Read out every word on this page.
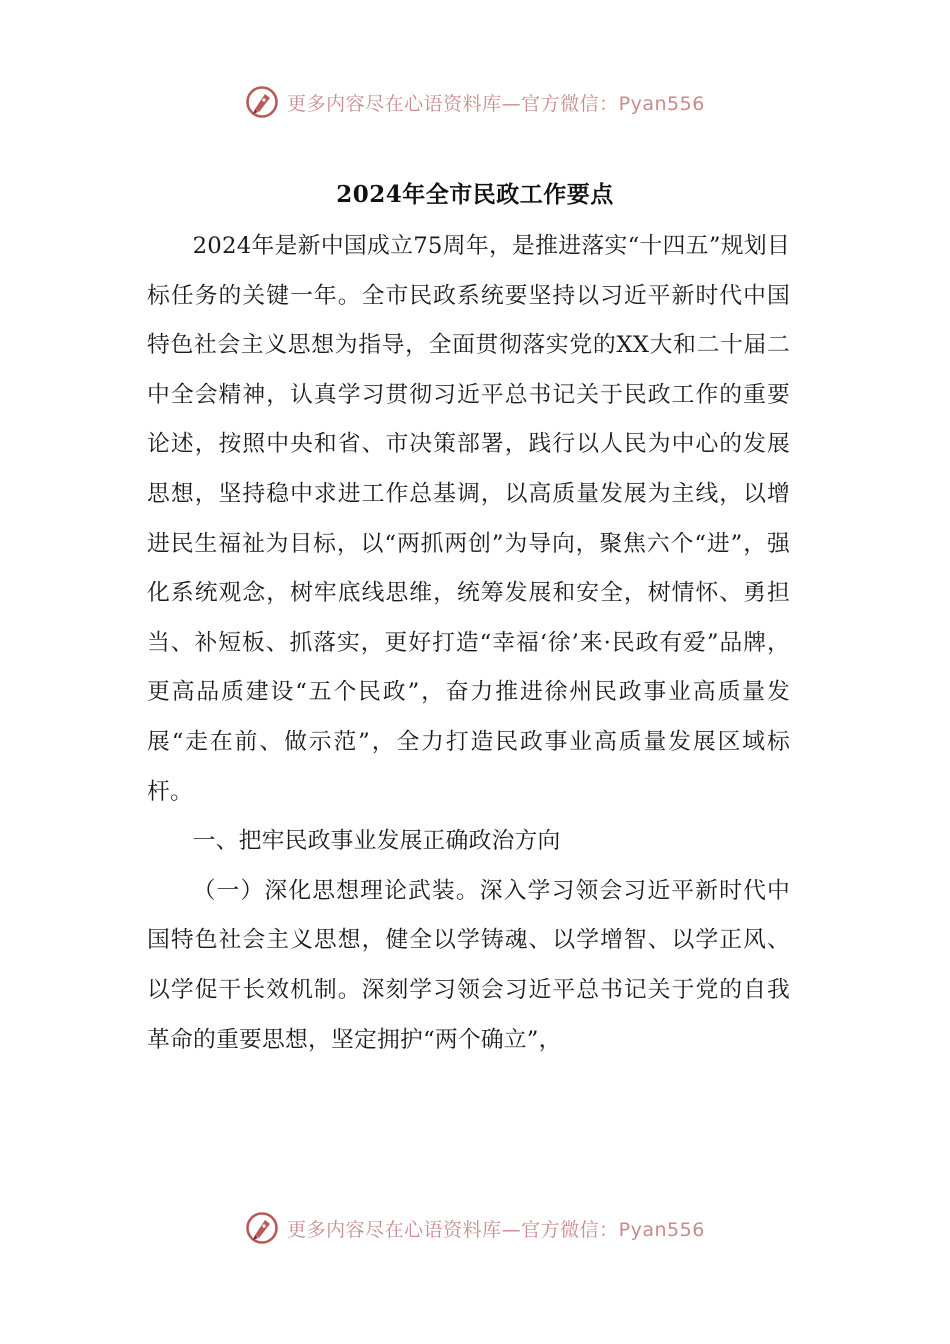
更多内容尽在心语资料库—官方微信：Pyan556
2024年全市民政工作要点

2024年是新中国成立75周年，是推进落实“十四五”规划目标任务的关键一年。全市民政系统要坚持以习近平新时代中国特色社会主义思想为指导，全面贯彻落实党的XX大和二十届二中全会精神，认真学习贯彻习近平总书记关于民政工作的重要论述，按照中央和省、市决策部署，践行以人民为中心的发展思想，坚持稳中求进工作总基调，以高质量发展为主线，以增进民生福祉为目标，以“两抓两创”为导向，聚焦六个“进”，强化系统观念，树牢底线思维，统筹发展和安全，树情怀、勇担当、补短板、抓落实，更好打造“幸福‘徐’来·民政有爱”品牌，更高品质建设“五个民政”，奋力推进徐州民政事业高质量发展“走在前、做示范”，全力打造民政事业高质量发展区域标杆。

一、把牢民政事业发展正确政治方向

（一）深化思想理论武装。深入学习领会习近平新时代中国特色社会主义思想，健全以学铸魂、以学增智、以学正风、以学促干长效机制。深刻学习领会习近平总书记关于党的自我革命的重要思想，坚定拥护“两个确立”，

更多内容尽在心语资料库—官方微信：Pyan556
